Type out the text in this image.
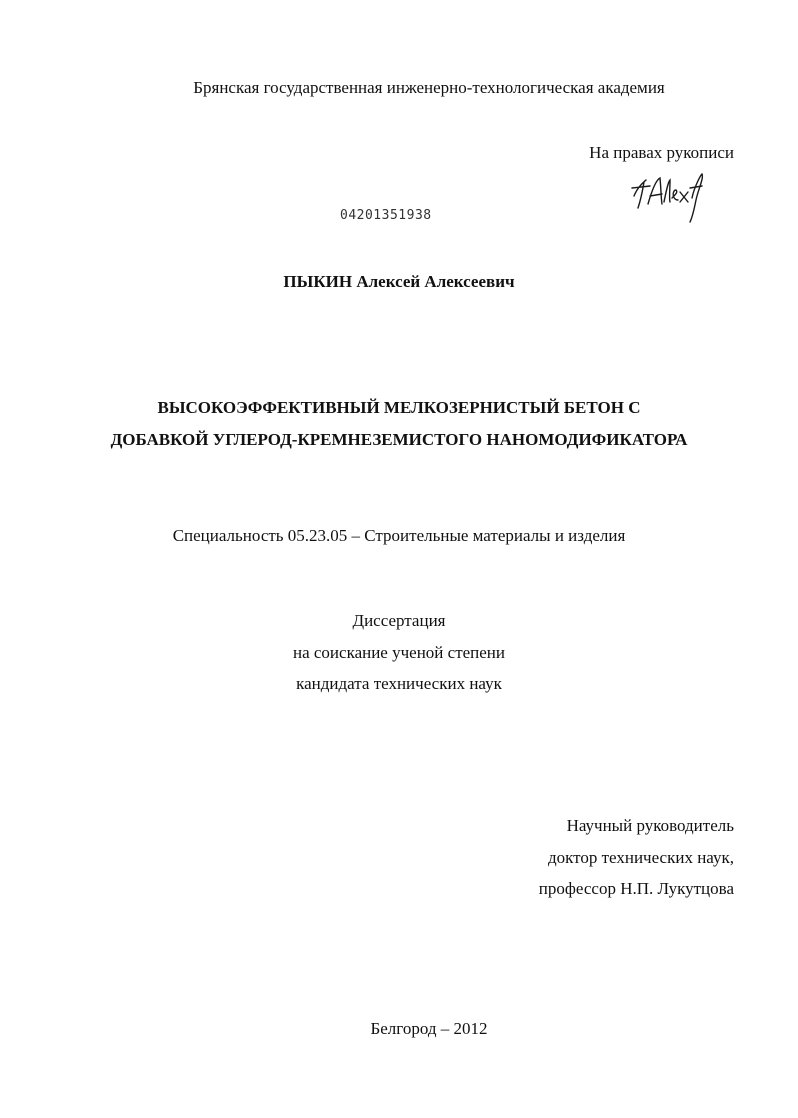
Брянская государственная инженерно-технологическая академия
На правах рукописи
04201351938
ПЫКИН Алексей Алексеевич
ВЫСОКОЭФФЕКТИВНЫЙ МЕЛКОЗЕРНИСТЫЙ БЕТОН С
ДОБАВКОЙ УГЛЕРОД-КРЕМНЕЗЕМИСТОГО НАНОМОДИФИКАТОРА
Специальность 05.23.05 – Строительные материалы и изделия
Диссертация
на соискание ученой степени
кандидата технических наук
Научный руководитель
доктор технических наук,
профессор Н.П. Лукутцова
Белгород – 2012
